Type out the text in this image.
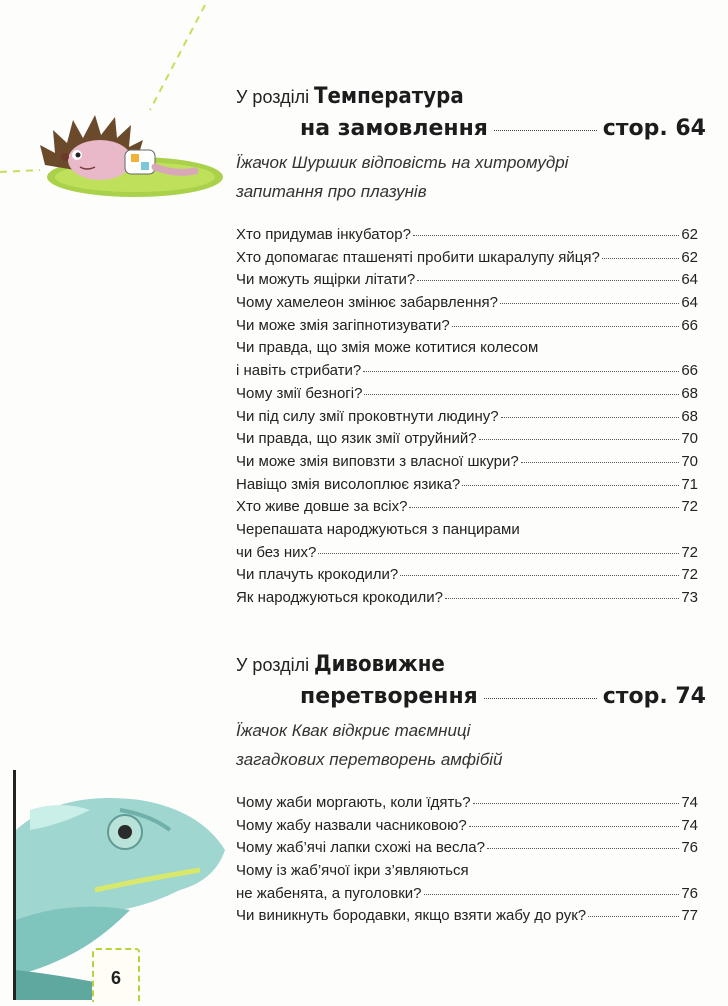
У розділі Температура
на замовлення	стор. 64
Їжачок Шуршик відповість на хитромудрі
запитання про плазунів
Хто придумав інкубатор?	62
Хто допомагає пташеняті пробити шкаралупу яйця?	62
Чи можуть ящірки літати?	64
Чому хамелеон змінює забарвлення?	64
Чи може змія загіпнотизувати?	66
Чи правда, що змія може котитися колесом
і навіть стрибати?	66
Чому змії безногі?	68
Чи під силу змії проковтнути людину?	68
Чи правда, що язик змії отруйний?	70
Чи може змія виповзти з власної шкури?	70
Навіщо змія висолоплює язика?	71
Хто живе довше за всіх?	72
Черепашата народжуються з панцирами
чи без них?	72
Чи плачуть крокодили?	72
Як народжуються крокодили?	73
У розділі Дивовижне
перетворення	стор. 74
Їжачок Квак відкриє таємниці
загадкових перетворень амфібій
Чому жаби моргають, коли їдять?	74
Чому жабу назвали часниковою?	74
Чому жаб’ячі лапки схожі на весла?	76
Чому із жаб’ячої ікри з’являються
не жабенята, а пуголовки?	76
Чи виникнуть бородавки, якщо взяти жабу до рук?	77
6
